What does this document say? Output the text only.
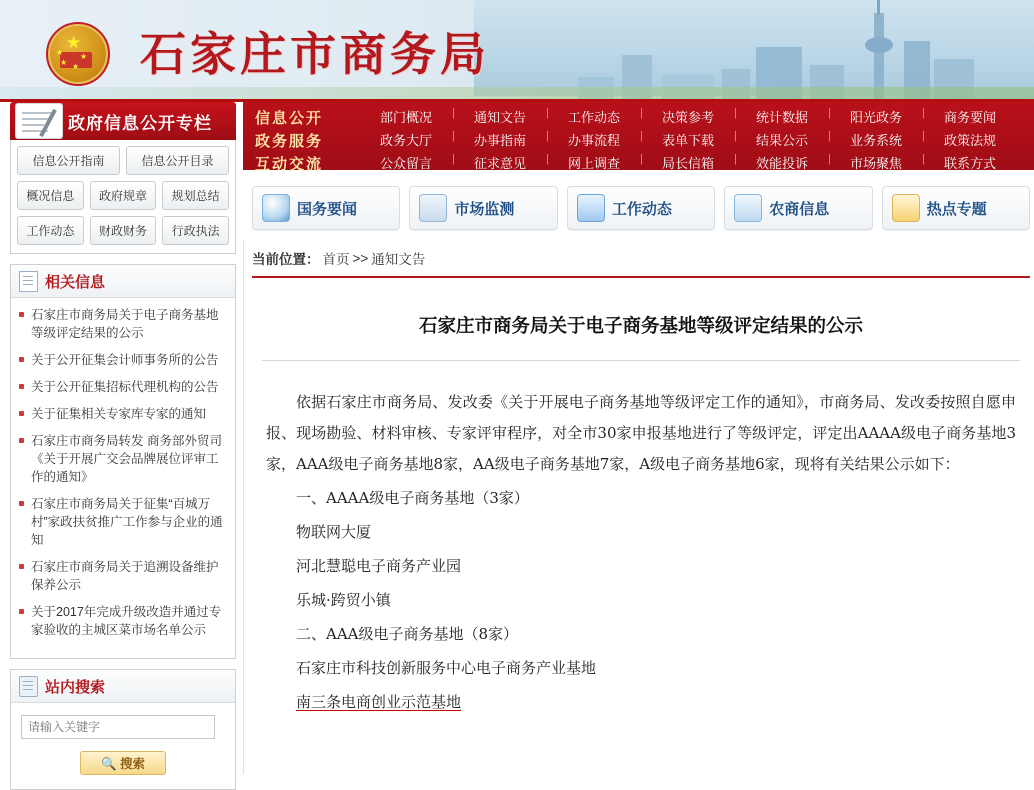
★
★
★ ★
★ 石家庄市商务局
信息公开	部门概况 |	通知文告 |	工作动态 |	决策参考 |	统计数据 |	阳光政务 |	商务要闻
政务服务	政务大厅 |	办事指南 |	办事流程 |	表单下载 |	结果公示 |	业务系统 |	政策法规
互动交流	公众留言 |	征求意见 |	网上调查 |	局长信箱 |	效能投诉 |	市场聚焦 |	联系方式
国务要闻	市场监测	工作动态	农商信息	热点专题
政府信息公开专栏
信息公开指南	信息公开目录
概况信息	政府规章	规划总结
工作动态	财政财务	行政执法
相关信息
石家庄市商务局关于电子商务基地等级评定结果的公示
关于公开征集会计师事务所的公告
关于公开征集招标代理机构的公告
关于征集相关专家库专家的通知
石家庄市商务局转发 商务部外贸司《关于开展广交会品牌展位评审工作的通知》
石家庄市商务局关于征集“百城万村”家政扶贫推广工作参与企业的通知
石家庄市商务局关于追溯设备维护保养公示
关于2017年完成升级改造并通过专家验收的主城区菜市场名单公示
站内搜索
请输入关键字
🔍 搜索
当前位置： 首页 >> 通知文告
石家庄市商务局关于电子商务基地等级评定结果的公示

依据石家庄市商务局、发改委《关于开展电子商务基地等级评定工作的通知》，市商务局、发改委按照自愿申报、现场勘验、材料审核、专家评审程序，对全市30家申报基地进行了等级评定，评定出AAAA级电子商务基地3家，AAA级电子商务基地8家，AA级电子商务基地7家，A级电子商务基地6家，现将有关结果公示如下：

一、AAAA级电子商务基地（3家）

物联网大厦

河北慧聪电子商务产业园

乐城·跨贸小镇

二、AAA级电子商务基地（8家）

石家庄市科技创新服务中心电子商务产业基地

南三条电商创业示范基地
